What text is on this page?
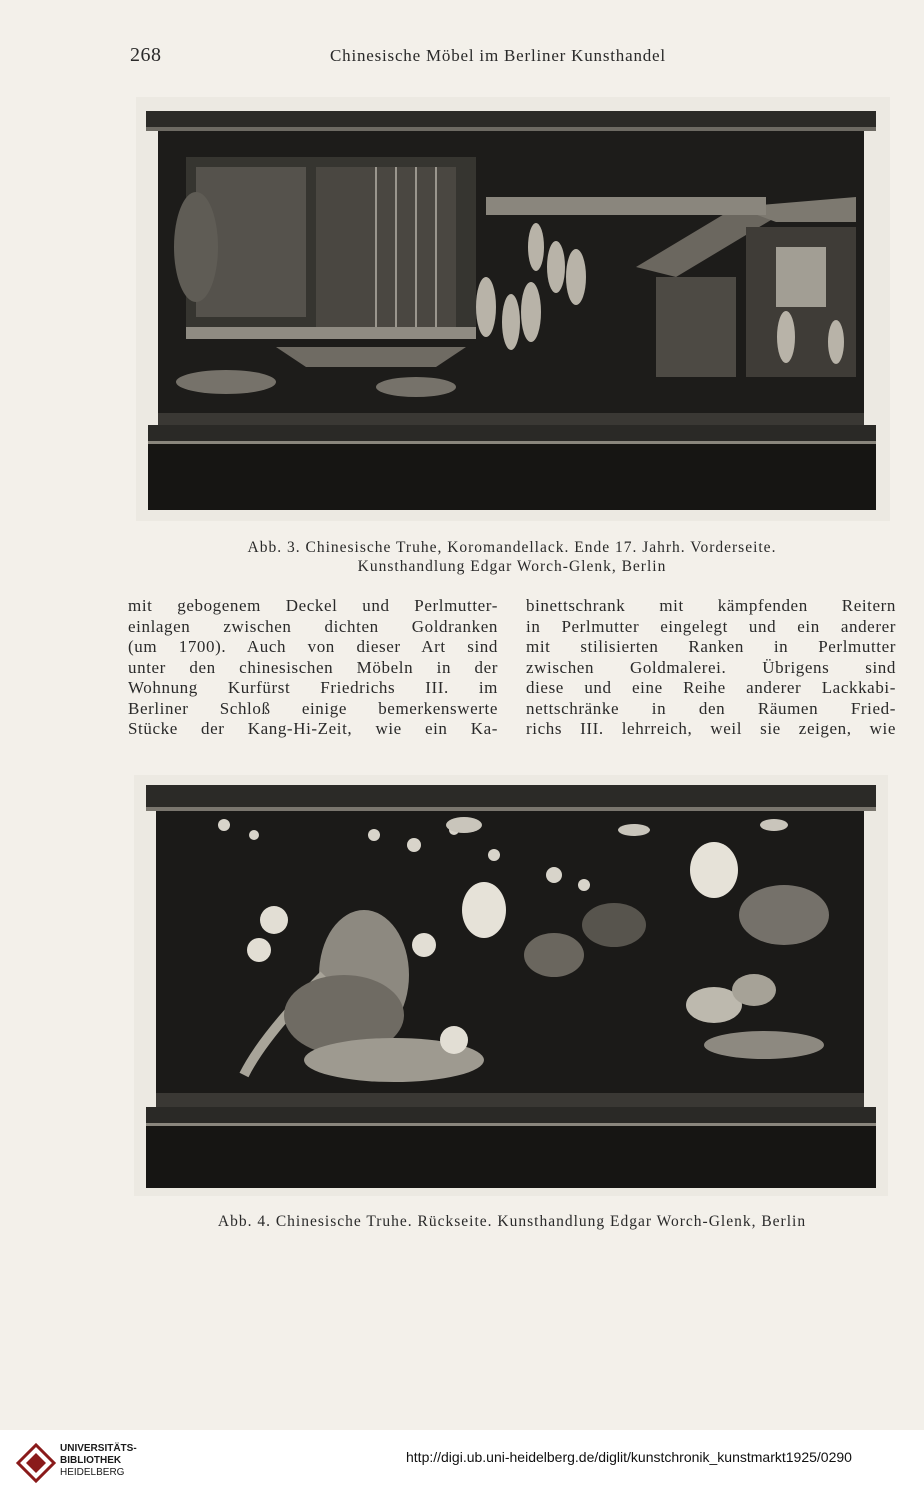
268	Chinesische Möbel im Berliner Kunsthandel
Abb. 3. Chinesische Truhe, Koromandellack. Ende 17. Jahrh. Vorderseite.
Kunsthandlung Edgar Worch-Glenk, Berlin
mit gebogenem Deckel und Perlmutter-
einlagen zwischen dichten Goldranken
(um 1700). Auch von dieser Art sind
unter den chinesischen Möbeln in der
Wohnung Kurfürst Friedrichs III. im
Berliner Schloß einige bemerkenswerte
Stücke der Kang-Hi-Zeit, wie ein Ka-
binettschrank mit kämpfenden Reitern
in Perlmutter eingelegt und ein anderer
mit stilisierten Ranken in Perlmutter
zwischen Goldmalerei. Übrigens sind
diese und eine Reihe anderer Lackkabi-
nettschränke in den Räumen Fried-
richs III. lehrreich, weil sie zeigen, wie
Abb. 4. Chinesische Truhe. Rückseite. Kunsthandlung Edgar Worch-Glenk, Berlin
UNIVERSITÄTS-
BIBLIOTHEK
HEIDELBERG
http://digi.ub.uni-heidelberg.de/diglit/kunstchronik_kunstmarkt1925/0290
